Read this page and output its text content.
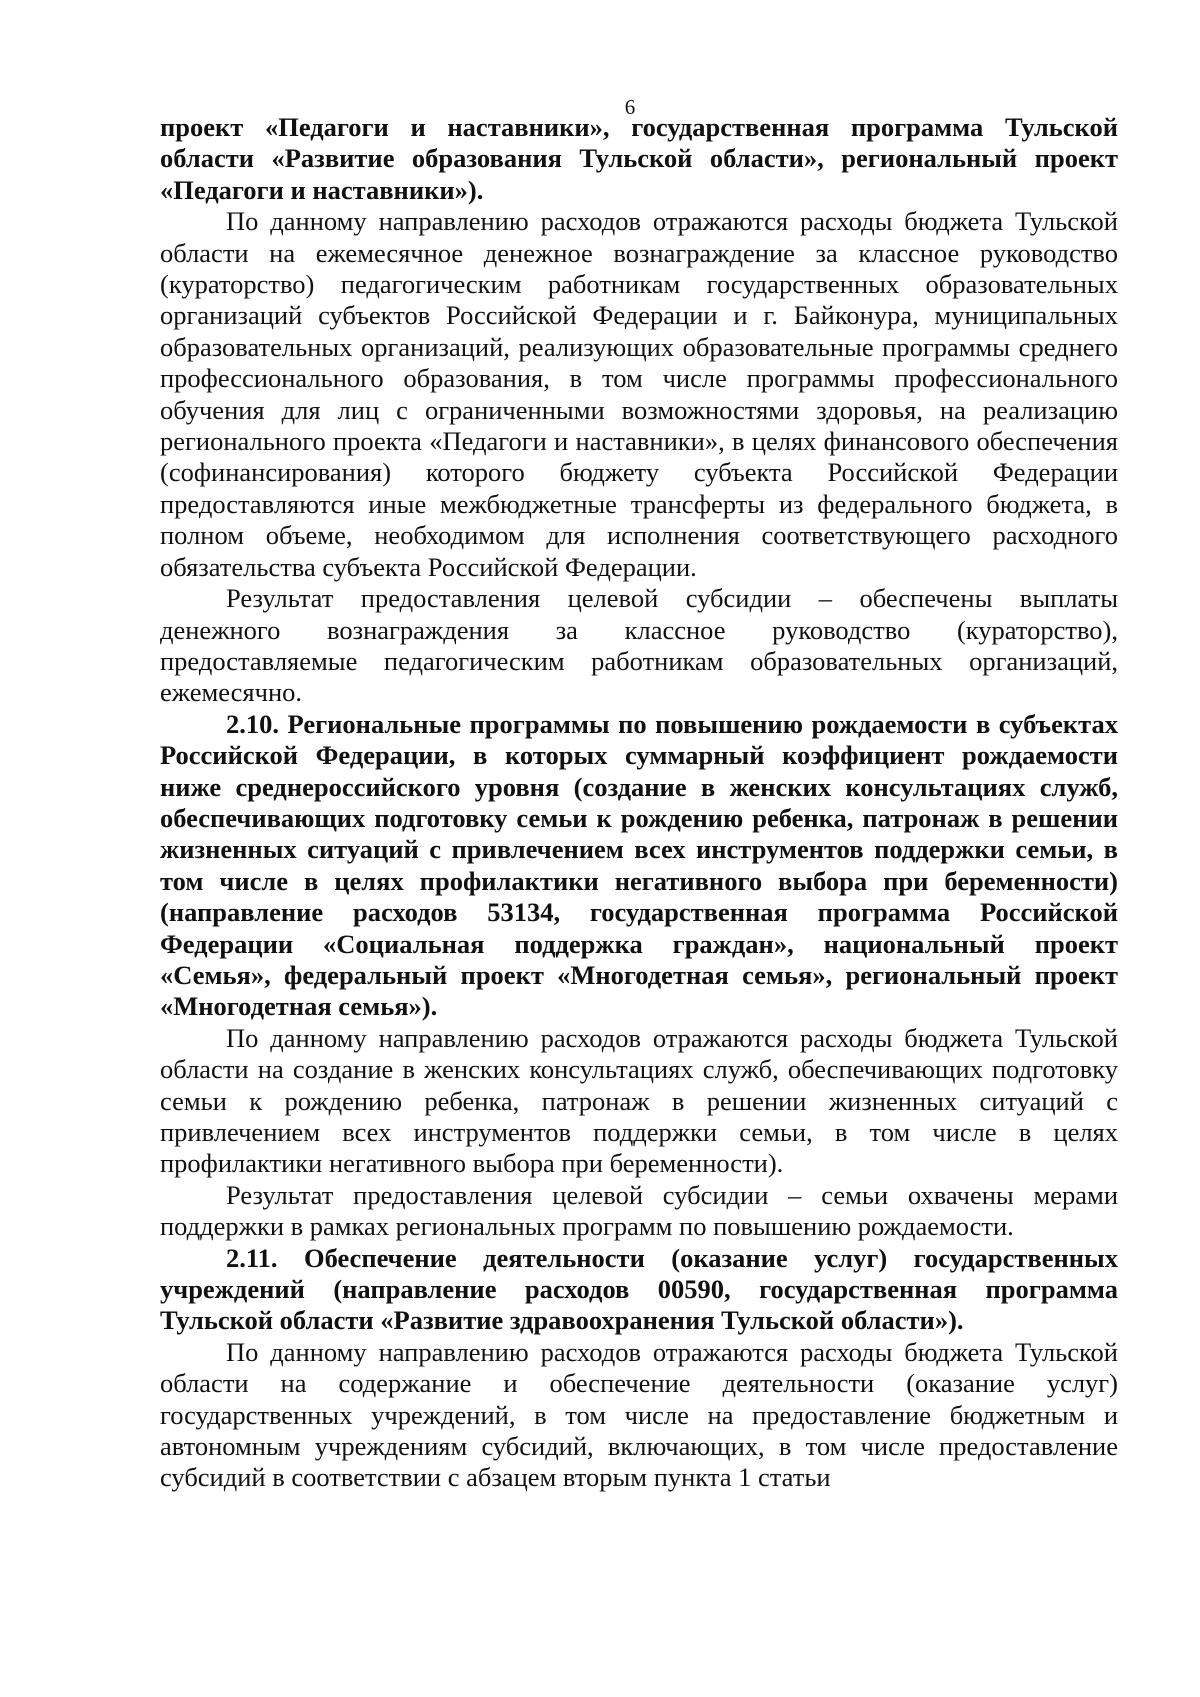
6

проект «Педагоги и наставники», государственная программа Тульской области «Развитие образования Тульской области», региональный проект «Педагоги и наставники»).

По данному направлению расходов отражаются расходы бюджета Тульской области на ежемесячное денежное вознаграждение за классное руководство (кураторство) педагогическим работникам государственных образовательных организаций субъектов Российской Федерации и г. Байконура, муниципальных образовательных организаций, реализующих образовательные программы среднего профессионального образования, в том числе программы профессионального обучения для лиц с ограниченными возможностями здоровья, на реализацию регионального проекта «Педагоги и наставники», в целях финансового обеспечения (софинансирования) которого бюджету субъекта Российской Федерации предоставляются иные межбюджетные трансферты из федерального бюджета, в полном объеме, необходимом для исполнения соответствующего расходного обязательства субъекта Российской Федерации.

Результат предоставления целевой субсидии – обеспечены выплаты денежного вознаграждения за классное руководство (кураторство), предоставляемые педагогическим работникам образовательных организаций, ежемесячно.

2.10. Региональные программы по повышению рождаемости в субъектах Российской Федерации, в которых суммарный коэффициент рождаемости ниже среднероссийского уровня (создание в женских консультациях служб, обеспечивающих подготовку семьи к рождению ребенка, патронаж в решении жизненных ситуаций с привлечением всех инструментов поддержки семьи, в том числе в целях профилактики негативного выбора при беременности) (направление расходов 53134, государственная программа Российской Федерации «Социальная поддержка граждан», национальный проект «Семья», федеральный проект «Многодетная семья», региональный проект «Многодетная семья»).

По данному направлению расходов отражаются расходы бюджета Тульской области на создание в женских консультациях служб, обеспечивающих подготовку семьи к рождению ребенка, патронаж в решении жизненных ситуаций с привлечением всех инструментов поддержки семьи, в том числе в целях профилактики негативного выбора при беременности).

Результат предоставления целевой субсидии – семьи охвачены мерами поддержки в рамках региональных программ по повышению рождаемости.

2.11. Обеспечение деятельности (оказание услуг) государственных учреждений (направление расходов 00590, государственная программа Тульской области «Развитие здравоохранения Тульской области»).

По данному направлению расходов отражаются расходы бюджета Тульской области на содержание и обеспечение деятельности (оказание услуг) государственных учреждений, в том числе на предоставление бюджетным и автономным учреждениям субсидий, включающих, в том числе предоставление субсидий в соответствии с абзацем вторым пункта 1 статьи
